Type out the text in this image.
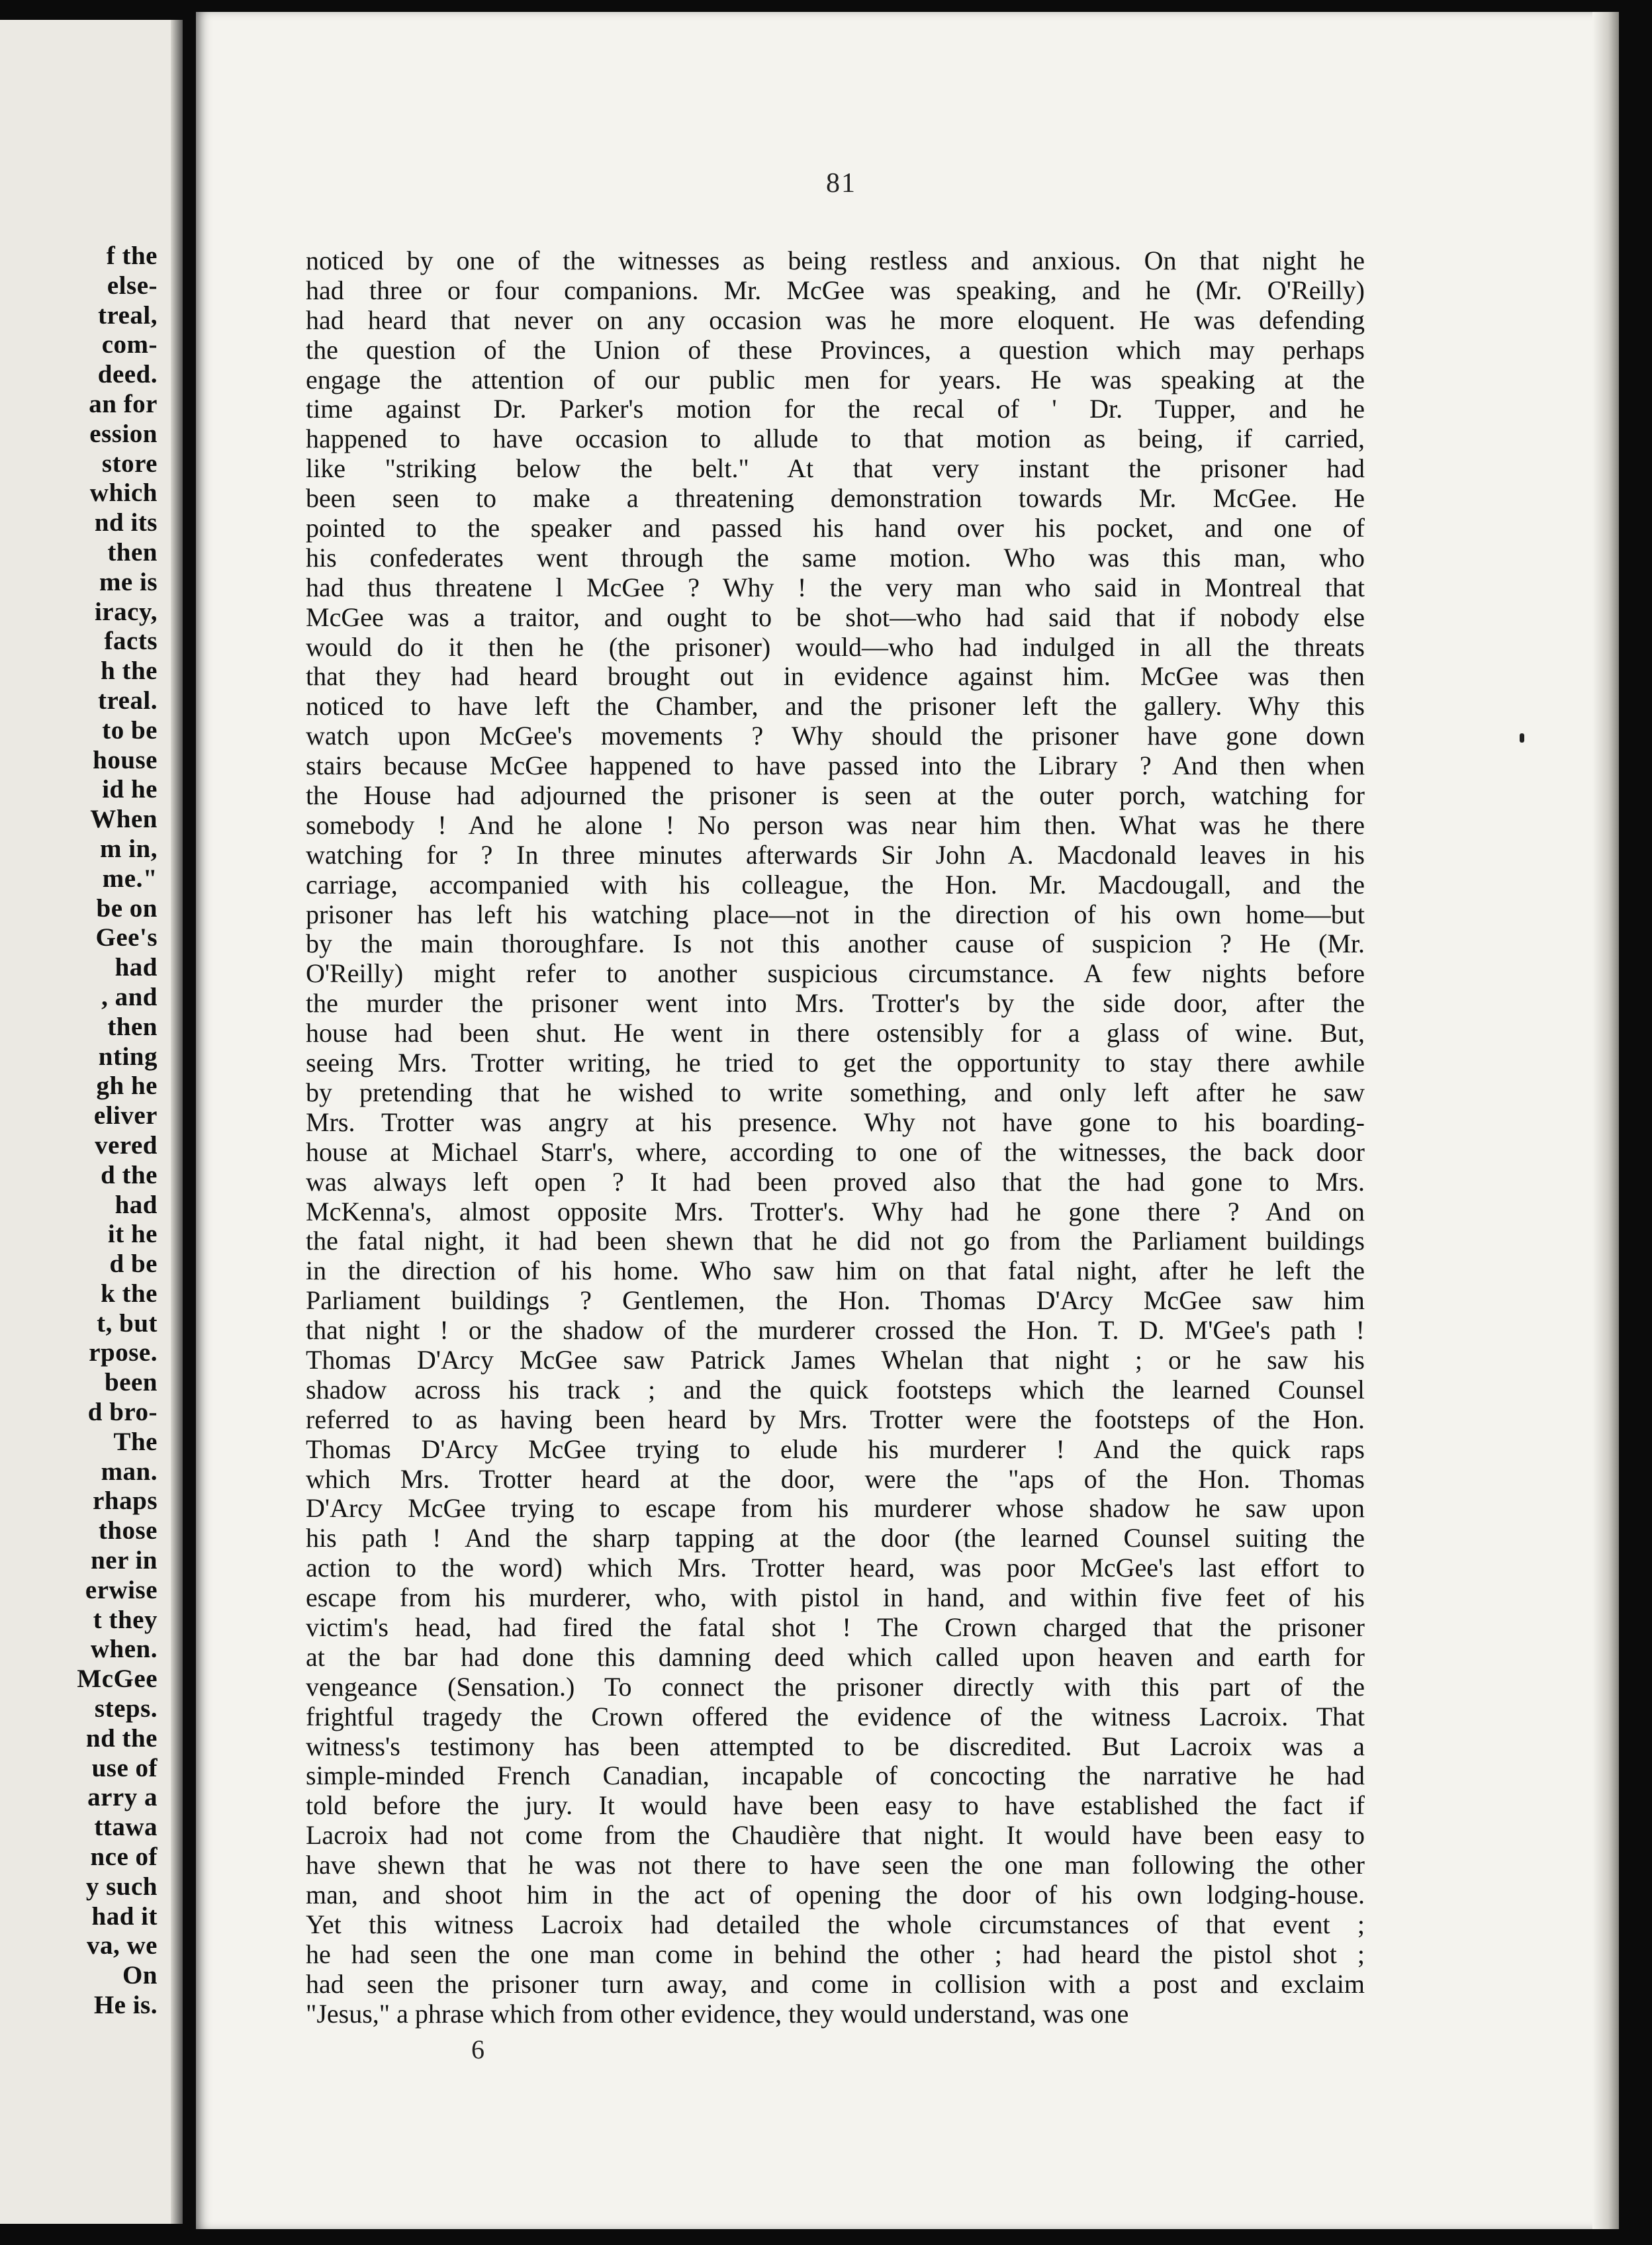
f the
else-
treal,
com-
deed.
an for
ession
store
which
nd its
then
me is
iracy,
facts
h the
treal.
to be
house
id he
When
m in,
me."
be on
Gee's
had
, and
then
nting
gh he
eliver
vered
d the
had
it he
d be
k the
t, but
rpose.
been
d bro-
The
man.
rhaps
those
ner in
erwise
t they
when.
McGee
steps.
nd the
use of
arry a
ttawa
nce of
y such
had it
va, we
On
He is.
81
noticed by one of the witnesses as being restless and anxious. On that night he
had three or four companions. Mr. McGee was speaking, and he (Mr. O'Reilly)
had heard that never on any occasion was he more eloquent. He was defending
the question of the Union of these Provinces, a question which may perhaps
engage the attention of our public men for years. He was speaking at the
time against Dr. Parker's motion for the recal of ' Dr. Tupper, and he
happened to have occasion to allude to that motion as being, if carried,
like "striking below the belt." At that very instant the prisoner had
been seen to make a threatening demonstration towards Mr. McGee. He
pointed to the speaker and passed his hand over his pocket, and one of
his confederates went through the same motion. Who was this man, who
had thus threatene l McGee ? Why ! the very man who said in Montreal that
McGee was a traitor, and ought to be shot—who had said that if nobody else
would do it then he (the prisoner) would—who had indulged in all the threats
that they had heard brought out in evidence against him. McGee was then
noticed to have left the Chamber, and the prisoner left the gallery. Why this
watch upon McGee's movements ? Why should the prisoner have gone down
stairs because McGee happened to have passed into the Library ? And then when
the House had adjourned the prisoner is seen at the outer porch, watching for
somebody ! And he alone ! No person was near him then. What was he there
watching for ? In three minutes afterwards Sir John A. Macdonald leaves in his
carriage, accompanied with his colleague, the Hon. Mr. Macdougall, and the
prisoner has left his watching place—not in the direction of his own home—but
by the main thoroughfare. Is not this another cause of suspicion ? He (Mr.
O'Reilly) might refer to another suspicious circumstance. A few nights before
the murder the prisoner went into Mrs. Trotter's by the side door, after the
house had been shut. He went in there ostensibly for a glass of wine. But,
seeing Mrs. Trotter writing, he tried to get the opportunity to stay there awhile
by pretending that he wished to write something, and only left after he saw
Mrs. Trotter was angry at his presence. Why not have gone to his boarding-
house at Michael Starr's, where, according to one of the witnesses, the back door
was always left open ? It had been proved also that the had gone to Mrs.
McKenna's, almost opposite Mrs. Trotter's. Why had he gone there ? And on
the fatal night, it had been shewn that he did not go from the Parliament buildings
in the direction of his home. Who saw him on that fatal night, after he left the
Parliament buildings ? Gentlemen, the Hon. Thomas D'Arcy McGee saw him
that night ! or the shadow of the murderer crossed the Hon. T. D. M'Gee's path !
Thomas D'Arcy McGee saw Patrick James Whelan that night ; or he saw his
shadow across his track ; and the quick footsteps which the learned Counsel
referred to as having been heard by Mrs. Trotter were the footsteps of the Hon.
Thomas D'Arcy McGee trying to elude his murderer ! And the quick raps
which Mrs. Trotter heard at the door, were the "aps of the Hon. Thomas
D'Arcy McGee trying to escape from his murderer whose shadow he saw upon
his path ! And the sharp tapping at the door (the learned Counsel suiting the
action to the word) which Mrs. Trotter heard, was poor McGee's last effort to
escape from his murderer, who, with pistol in hand, and within five feet of his
victim's head, had fired the fatal shot ! The Crown charged that the prisoner
at the bar had done this damning deed which called upon heaven and earth for
vengeance (Sensation.) To connect the prisoner directly with this part of the
frightful tragedy the Crown offered the evidence of the witness Lacroix. That
witness's testimony has been attempted to be discredited. But Lacroix was a
simple-minded French Canadian, incapable of concocting the narrative he had
told before the jury. It would have been easy to have established the fact if
Lacroix had not come from the Chaudière that night. It would have been easy to
have shewn that he was not there to have seen the one man following the other
man, and shoot him in the act of opening the door of his own lodging-house.
Yet this witness Lacroix had detailed the whole circumstances of that event ;
he had seen the one man come in behind the other ; had heard the pistol shot ;
had seen the prisoner turn away, and come in collision with a post and exclaim
"Jesus," a phrase which from other evidence, they would understand, was one
6
